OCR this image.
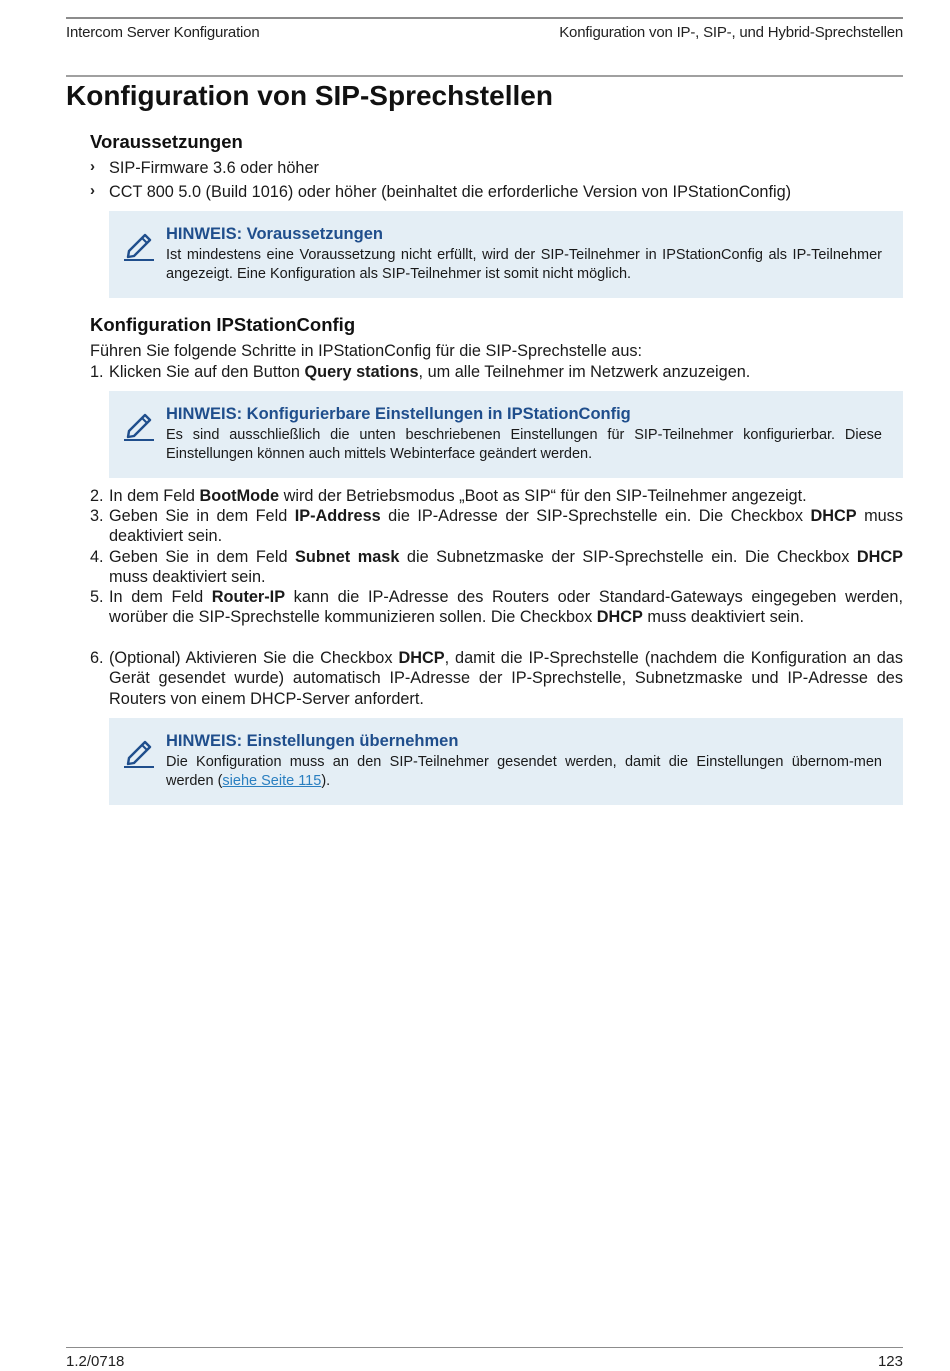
Intercom Server Konfiguration	Konfiguration von IP-, SIP-, und Hybrid-Sprechstellen
Konfiguration von SIP-Sprechstellen
Voraussetzungen
› SIP-Firmware 3.6 oder höher

› CCT 800 5.0 (Build 1016) oder höher (beinhaltet die erforderliche Version von IPStationConfig)

HINWEIS: Voraussetzungen
Ist mindestens eine Voraussetzung nicht erfüllt, wird der SIP-Teilnehmer in IPStationConfig als IP-Teilnehmer angezeigt. Eine Konfiguration als SIP-Teilnehmer ist somit nicht möglich.
Konfiguration IPStationConfig

Führen Sie folgende Schritte in IPStationConfig für die SIP-Sprechstelle aus:

1. Klicken Sie auf den Button Query stations, um alle Teilnehmer im Netzwerk anzuzeigen.
HINWEIS: Konfigurierbare Einstellungen in IPStationConfig
Es sind ausschließlich die unten beschriebenen Einstellungen für SIP-Teilnehmer konfigurierbar. Diese Einstellungen können auch mittels Webinterface geändert werden.
2. In dem Feld BootMode wird der Betriebsmodus „Boot as SIP“ für den SIP-Teilnehmer angezeigt.
3. Geben Sie in dem Feld IP-Address die IP-Adresse der SIP-Sprechstelle ein. Die Checkbox DHCP muss deaktiviert sein.
4. Geben Sie in dem Feld Subnet mask die Subnetzmaske der SIP-Sprechstelle ein. Die Checkbox DHCP muss deaktiviert sein.
5. In dem Feld Router-IP kann die IP-Adresse des Routers oder Standard-Gateways eingegeben werden, worüber die SIP-Sprechstelle kommunizieren sollen. Die Checkbox DHCP muss deaktiviert sein.
6. (Optional) Aktivieren Sie die Checkbox DHCP, damit die IP-Sprechstelle (nachdem die Konfiguration an das Gerät gesendet wurde) automatisch IP-Adresse der IP-Sprechstelle, Subnetzmaske und IP-Adresse des Routers von einem DHCP-Server anfordert.
HINWEIS: Einstellungen übernehmen
Die Konfiguration muss an den SIP-Teilnehmer gesendet werden, damit die Einstellungen übernom-men werden (siehe Seite 115).
1.2/0718	123
